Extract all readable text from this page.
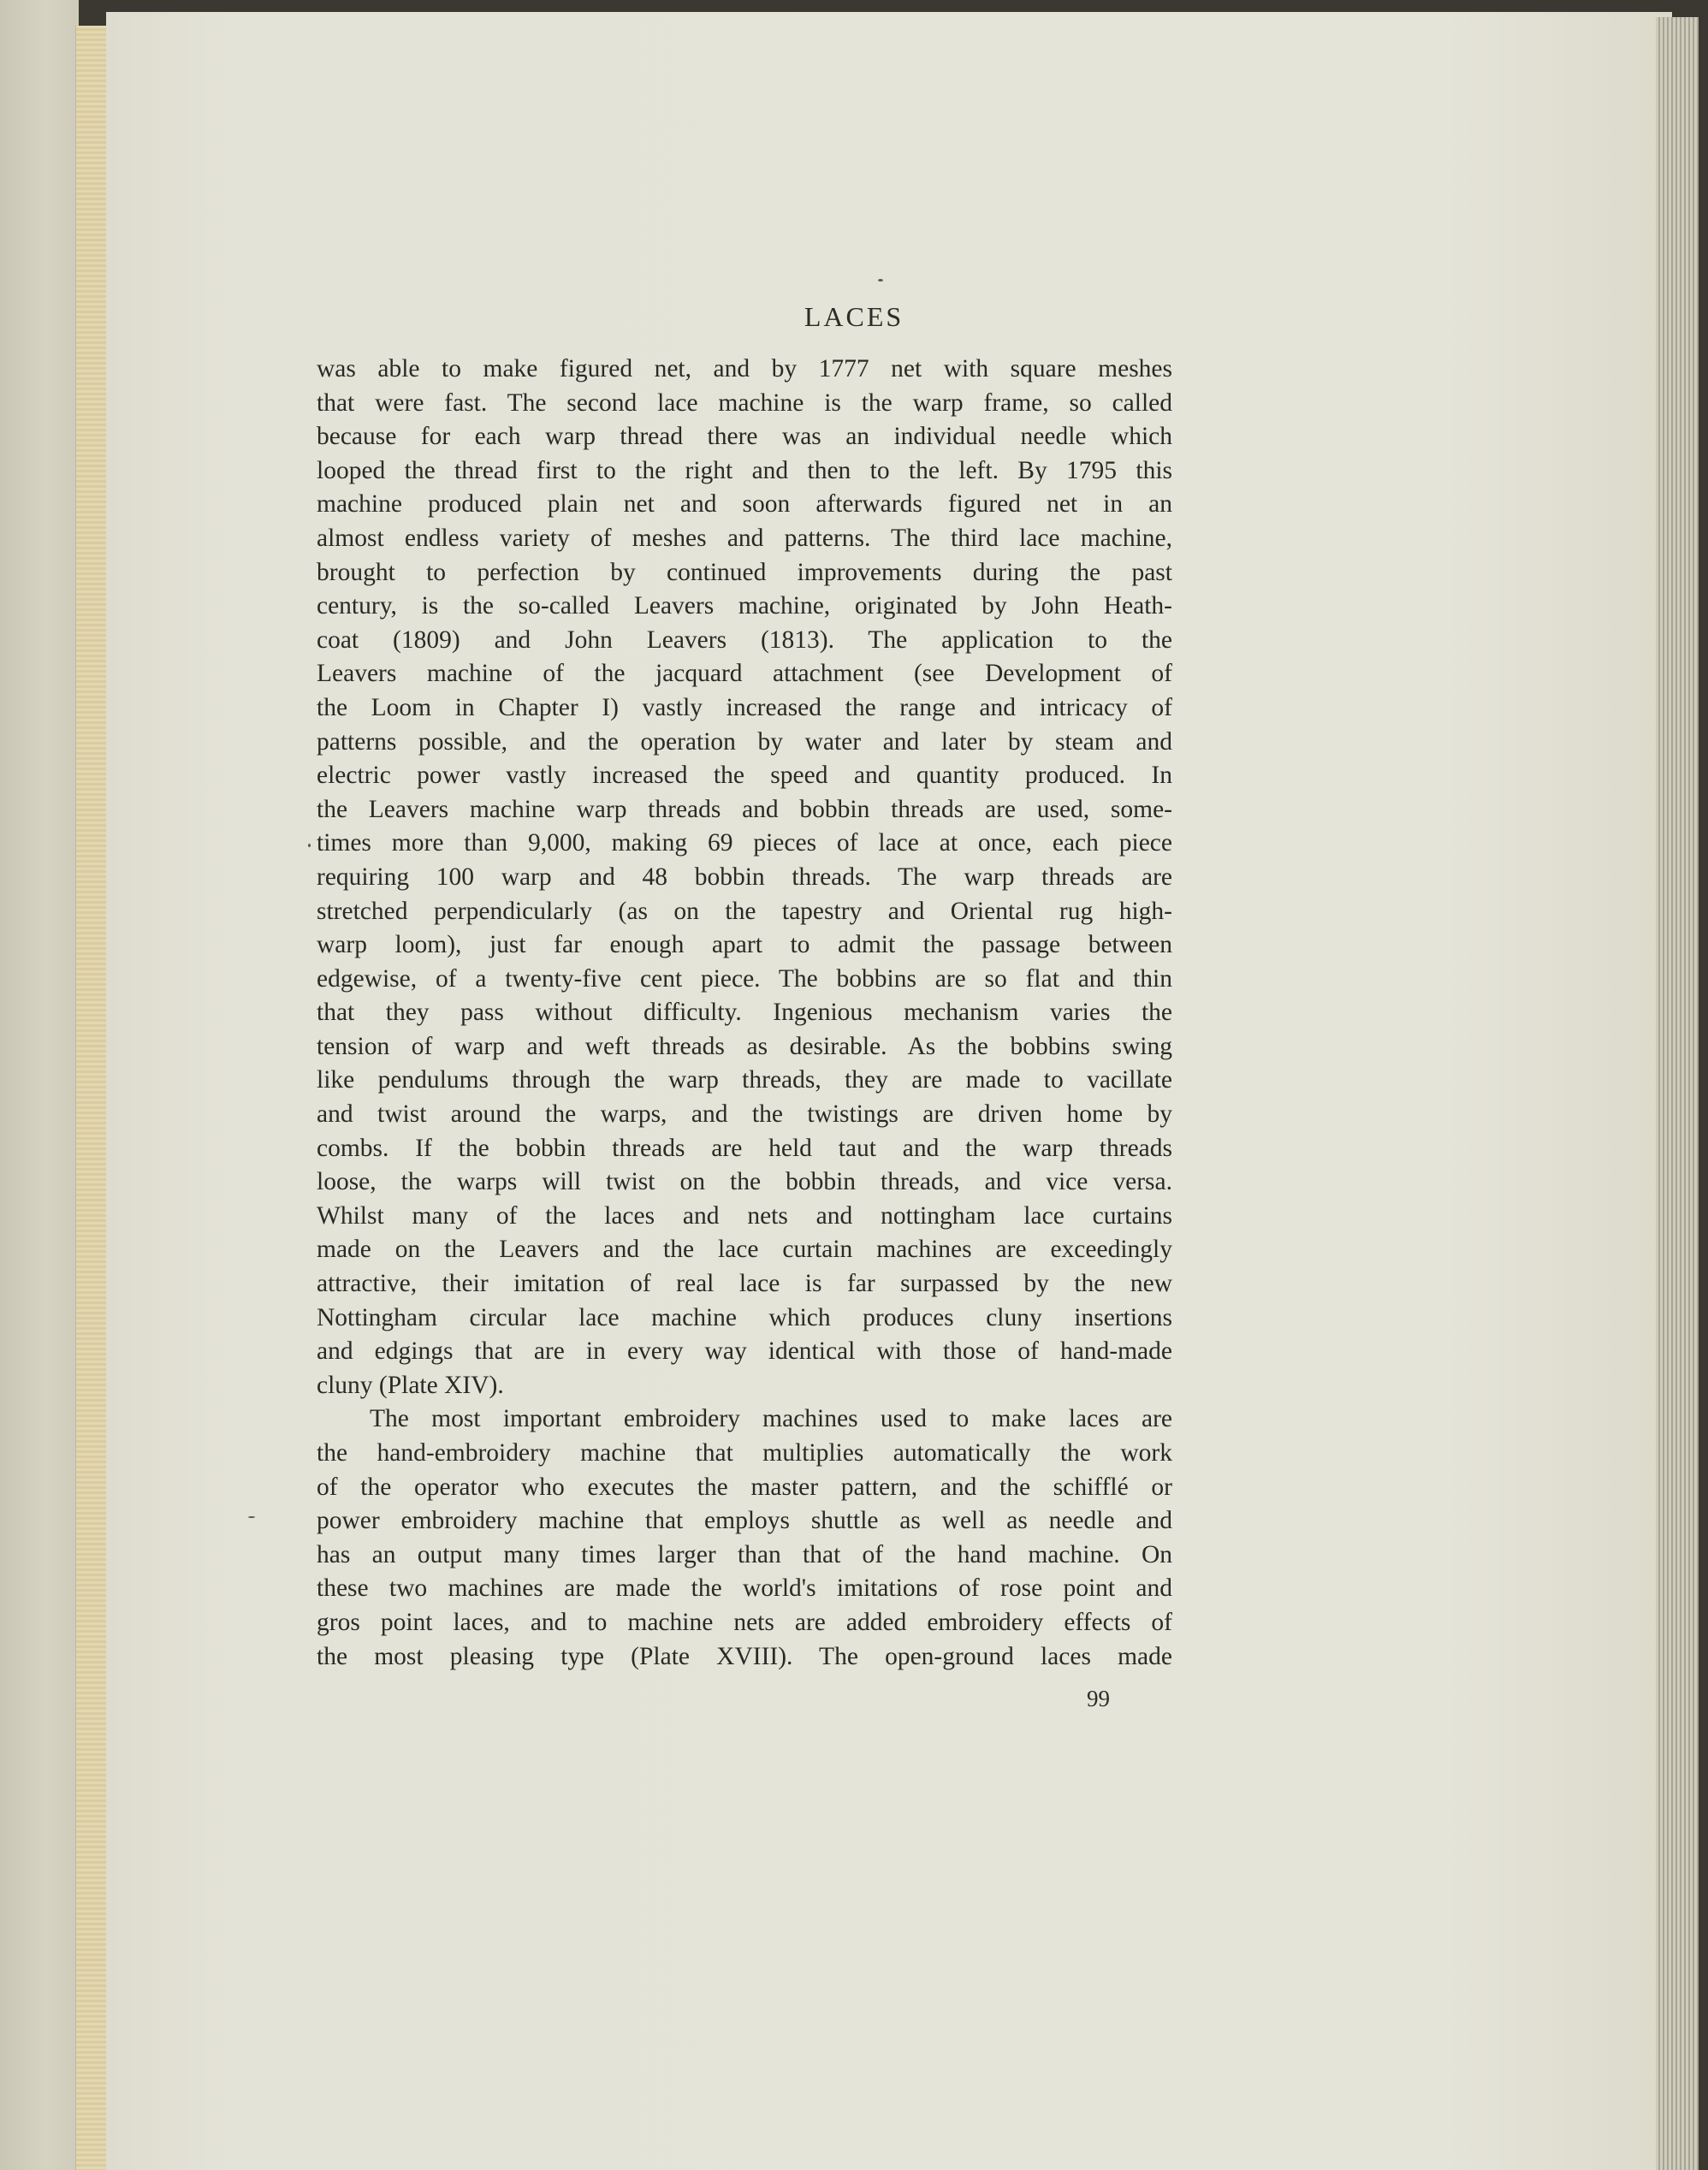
LACES
was able to make figured net, and by 1777 net with square meshes
that were fast. The second lace machine is the warp frame, so called
because for each warp thread there was an individual needle which
looped the thread first to the right and then to the left. By 1795 this
machine produced plain net and soon afterwards figured net in an
almost endless variety of meshes and patterns. The third lace machine,
brought to perfection by continued improvements during the past
century, is the so-called Leavers machine, originated by John Heath-
coat (1809) and John Leavers (1813). The application to the
Leavers machine of the jacquard attachment (see Development of
the Loom in Chapter I) vastly increased the range and intricacy of
patterns possible, and the operation by water and later by steam and
electric power vastly increased the speed and quantity produced. In
the Leavers machine warp threads and bobbin threads are used, some-
times more than 9,000, making 69 pieces of lace at once, each piece
requiring 100 warp and 48 bobbin threads. The warp threads are
stretched perpendicularly (as on the tapestry and Oriental rug high-
warp loom), just far enough apart to admit the passage between
edgewise, of a twenty-five cent piece. The bobbins are so flat and thin
that they pass without difficulty. Ingenious mechanism varies the
tension of warp and weft threads as desirable. As the bobbins swing
like pendulums through the warp threads, they are made to vacillate
and twist around the warps, and the twistings are driven home by
combs. If the bobbin threads are held taut and the warp threads
loose, the warps will twist on the bobbin threads, and vice versa.
Whilst many of the laces and nets and nottingham lace curtains
made on the Leavers and the lace curtain machines are exceedingly
attractive, their imitation of real lace is far surpassed by the new
Nottingham circular lace machine which produces cluny insertions
and edgings that are in every way identical with those of hand-made
cluny (Plate XIV).
The most important embroidery machines used to make laces are
the hand-embroidery machine that multiplies automatically the work
of the operator who executes the master pattern, and the schifflé or
power embroidery machine that employs shuttle as well as needle and
has an output many times larger than that of the hand machine. On
these two machines are made the world's imitations of rose point and
gros point laces, and to machine nets are added embroidery effects of
the most pleasing type (Plate XVIII). The open-ground laces made
99
